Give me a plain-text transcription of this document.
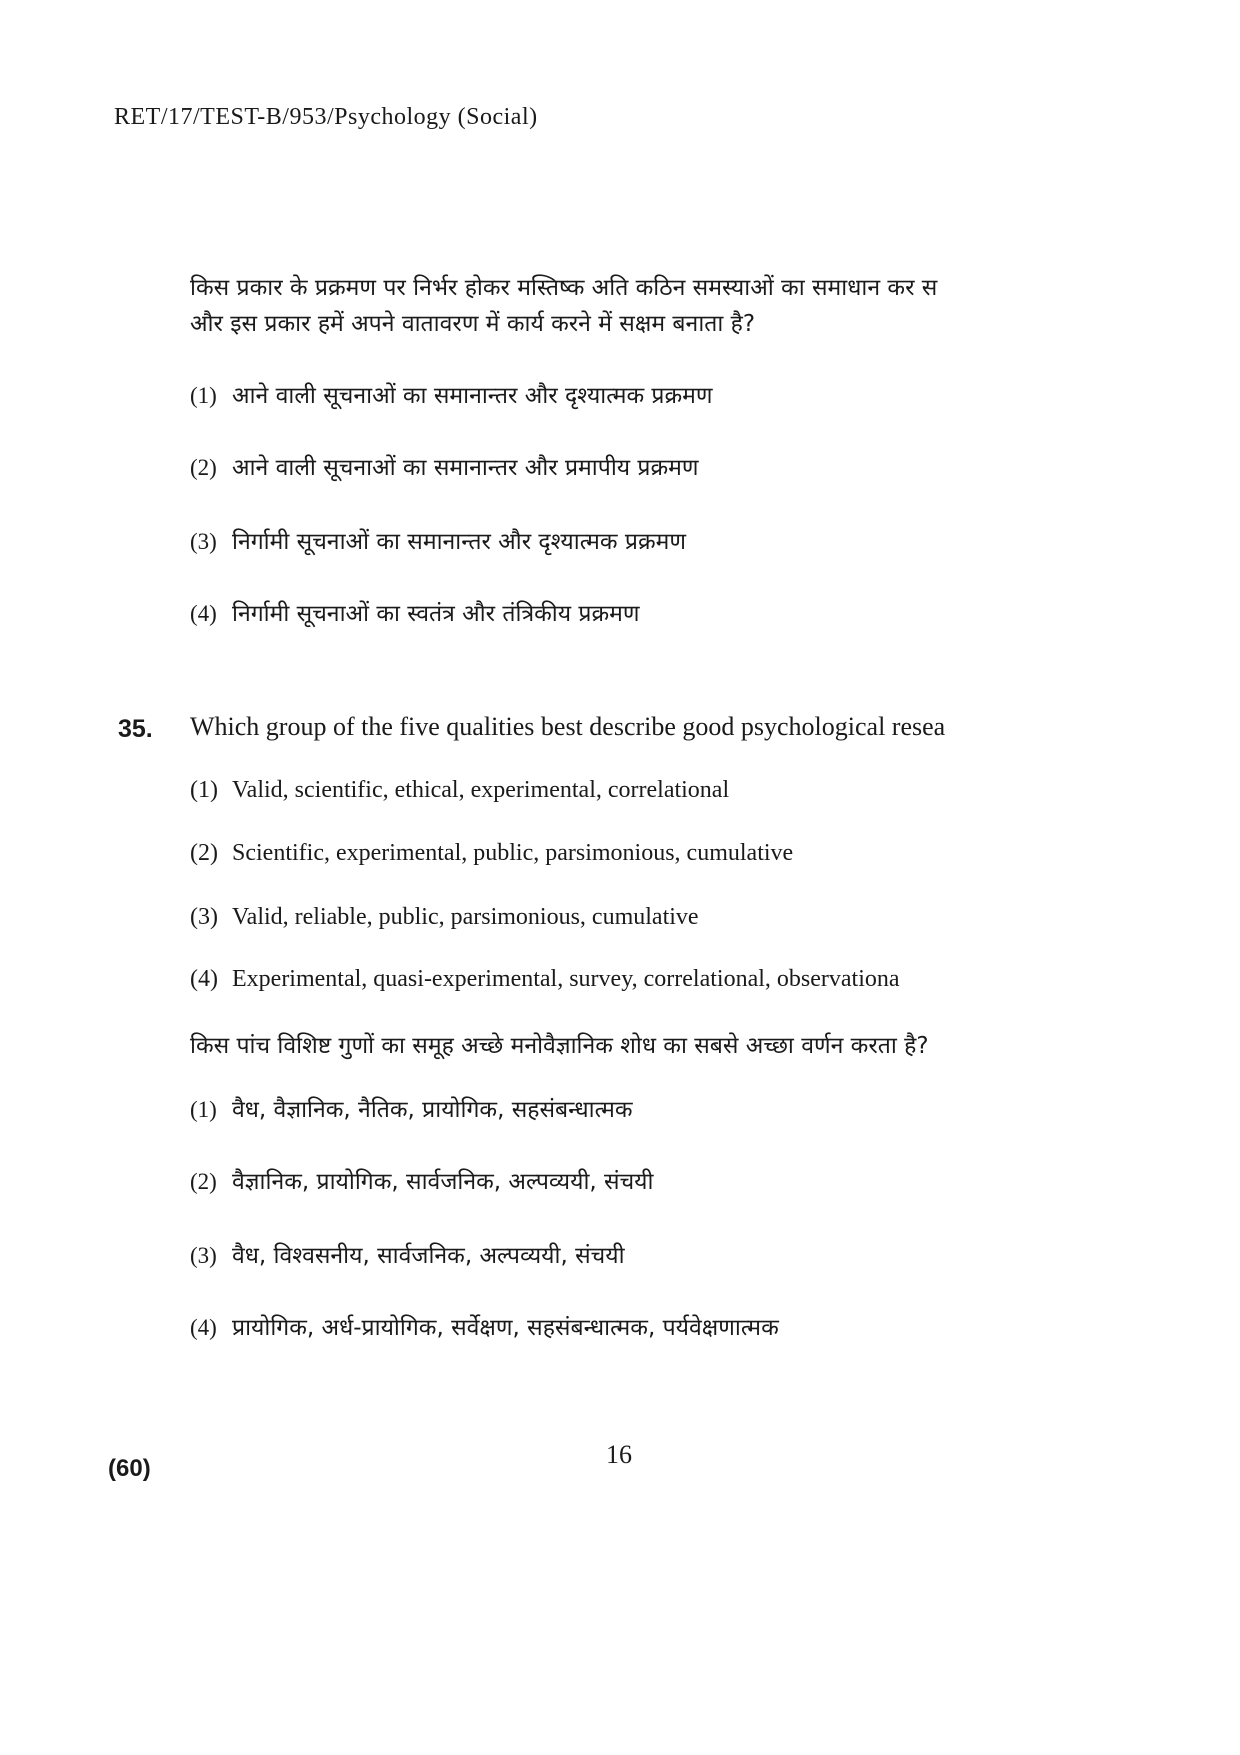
RET/17/TEST-B/953/Psychology (Social)
किस प्रकार के प्रक्रमण पर निर्भर होकर मस्तिष्क अति कठिन समस्याओं का समाधान कर स
और इस प्रकार हमें अपने वातावरण में कार्य करने में सक्षम बनाता है?
(1) आने वाली सूचनाओं का समानान्तर और दृश्यात्मक प्रक्रमण
(2) आने वाली सूचनाओं का समानान्तर और प्रमापीय प्रक्रमण
(3) निर्गामी सूचनाओं का समानान्तर और दृश्यात्मक प्रक्रमण
(4) निर्गामी सूचनाओं का स्वतंत्र और तंत्रिकीय प्रक्रमण
35. Which group of the five qualities best describe good psychological resea
(1) Valid, scientific, ethical, experimental, correlational
(2) Scientific, experimental, public, parsimonious, cumulative
(3) Valid, reliable, public, parsimonious, cumulative
(4) Experimental, quasi-experimental, survey, correlational, observationa
किस पांच विशिष्ट गुणों का समूह अच्छे मनोवैज्ञानिक शोध का सबसे अच्छा वर्णन करता है?
(1) वैध, वैज्ञानिक, नैतिक, प्रायोगिक, सहसंबन्धात्मक
(2) वैज्ञानिक, प्रायोगिक, सार्वजनिक, अल्पव्ययी, संचयी
(3) वैध, विश्वसनीय, सार्वजनिक, अल्पव्ययी, संचयी
(4) प्रायोगिक, अर्ध-प्रायोगिक, सर्वेक्षण, सहसंबन्धात्मक, पर्यवेक्षणात्मक
(60)	16
